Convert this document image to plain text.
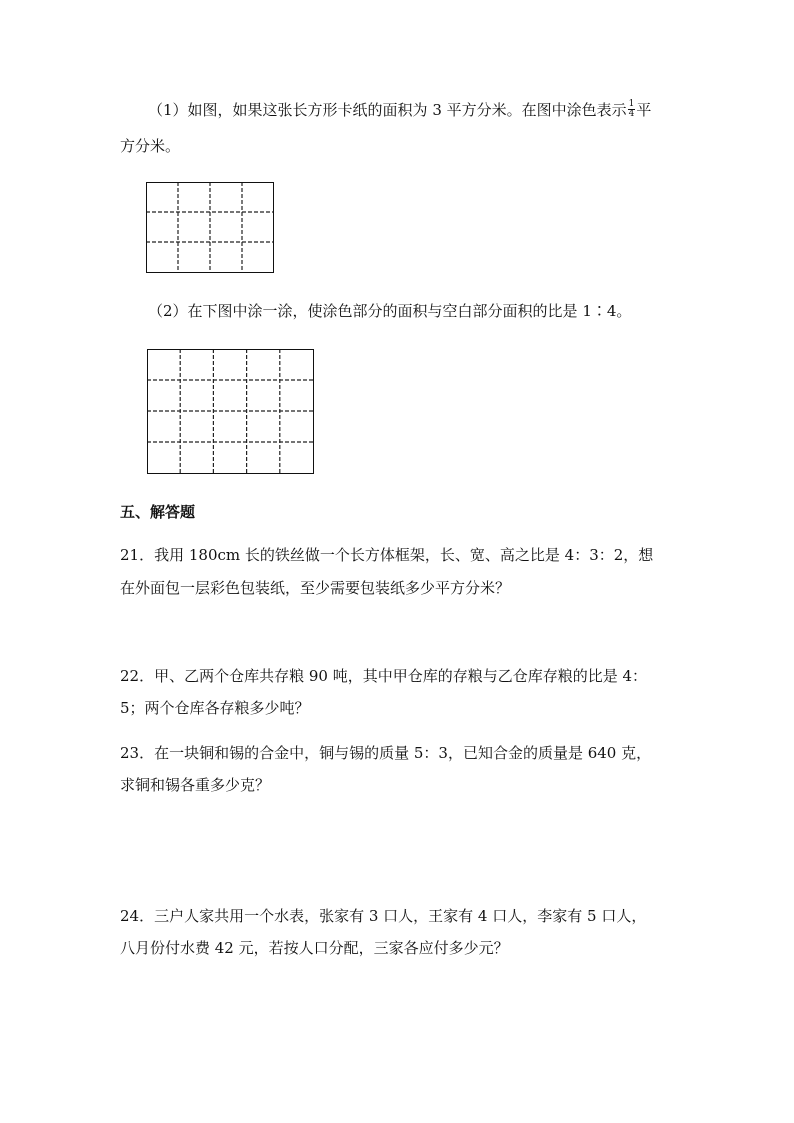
（1）如图，如果这张长方形卡纸的面积为 3 平方分米。在图中涂色表示 $\frac{1}{4}$ 平
方分米。
（2）在下图中涂一涂，使涂色部分的面积与空白部分面积的比是 1∶4。
五、解答题
21．我用 180cm 长的铁丝做一个长方体框架，长、宽、高之比是 4：3：2，想
在外面包一层彩色包装纸，至少需要包装纸多少平方分米？
22．甲、乙两个仓库共存粮 90 吨，其中甲仓库的存粮与乙仓库存粮的比是 4：
5；两个仓库各存粮多少吨？
23．在一块铜和锡的合金中，铜与锡的质量 5：3，已知合金的质量是 640 克，
求铜和锡各重多少克？
24．三户人家共用一个水表，张家有 3 口人，王家有 4 口人，李家有 5 口人，
八月份付水费 42 元，若按人口分配，三家各应付多少元？
